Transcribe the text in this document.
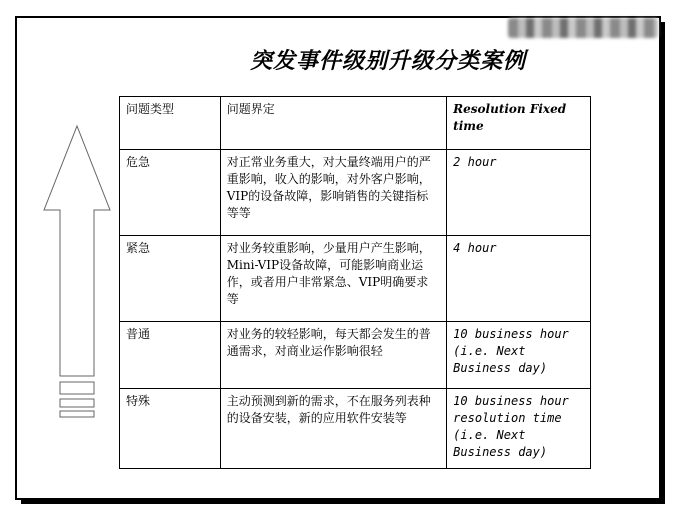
突发事件级别升级分类案例
问题类型	问题界定	Resolution Fixed time
危急	对正常业务重大，对大量终端用户的严重影响，收入的影响，对外客户影响，VIP的设备故障，影响销售的关键指标等等	2 hour
紧急	对业务较重影响，少量用户产生影响，Mini-VIP设备故障，可能影响商业运作，或者用户非常紧急、VIP明确要求等	4 hour
普通	对业务的较轻影响，每天都会发生的普通需求，对商业运作影响很轻	10 business hour (i.e. Next Business day)
特殊	主动预测到新的需求，不在服务列表种的设备安装，新的应用软件安装等	10 business hour resolution time (i.e. Next Business day)
